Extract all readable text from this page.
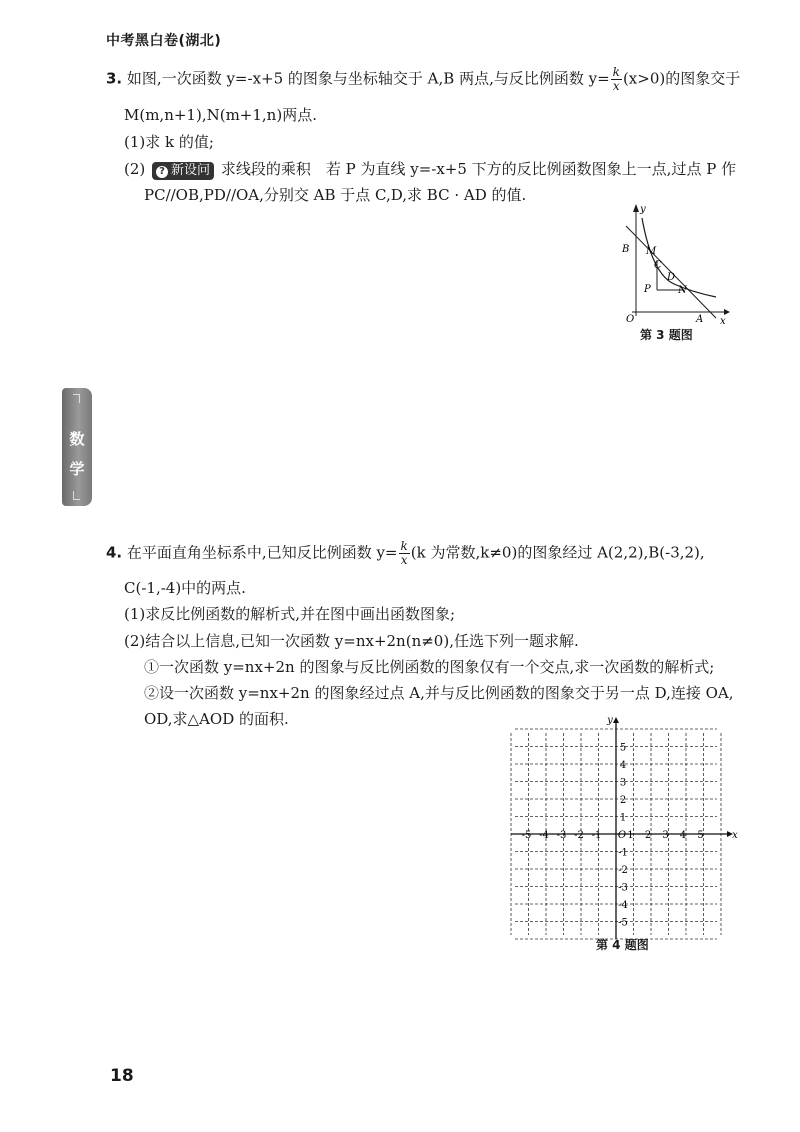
中考黑白卷(湖北)
3. 如图,一次函数 y=-x+5 的图象与坐标轴交于 A,B 两点,与反比例函数 $y= \frac{k}{x} (x>0)$的图象交于
M(m,n+1),N(m+1,n)两点.
(1)求 k 的值;
(2) ? 新设问 求线段的乘积　若 P 为直线 y=-x+5 下方的反比例函数图象上一点,过点 P 作
PC//OB,PD//OA,分别交 AB 于点 C,D,求 BC · AD 的值.
y
x
O	A
B M
C
D
N
P
第 3 题图
数
学
4. 在平面直角坐标系中,已知反比例函数 $y= \frac{k}{x} (k$ 为常数,k≠0)的图象经过 A(2,2),B(-3,2),
C(-1,-4)中的两点.
(1)求反比例函数的解析式,并在图中画出函数图象;
(2)结合以上信息,已知一次函数 y=nx+2n(n≠0),任选下列一题求解.
①一次函数 y=nx+2n 的图象与反比例函数的图象仅有一个交点,求一次函数的解析式;
②设一次函数 y=nx+2n 的图象经过点 A,并与反比例函数的图象交于另一点 D,连接 OA,
OD,求△AOD 的面积.
-5 -4 -3 -2 -1	1 2 3 4 5
5
4
3
2
1
-1
-2
-3
-4
-5
O	x
y
第 4 题图
18
